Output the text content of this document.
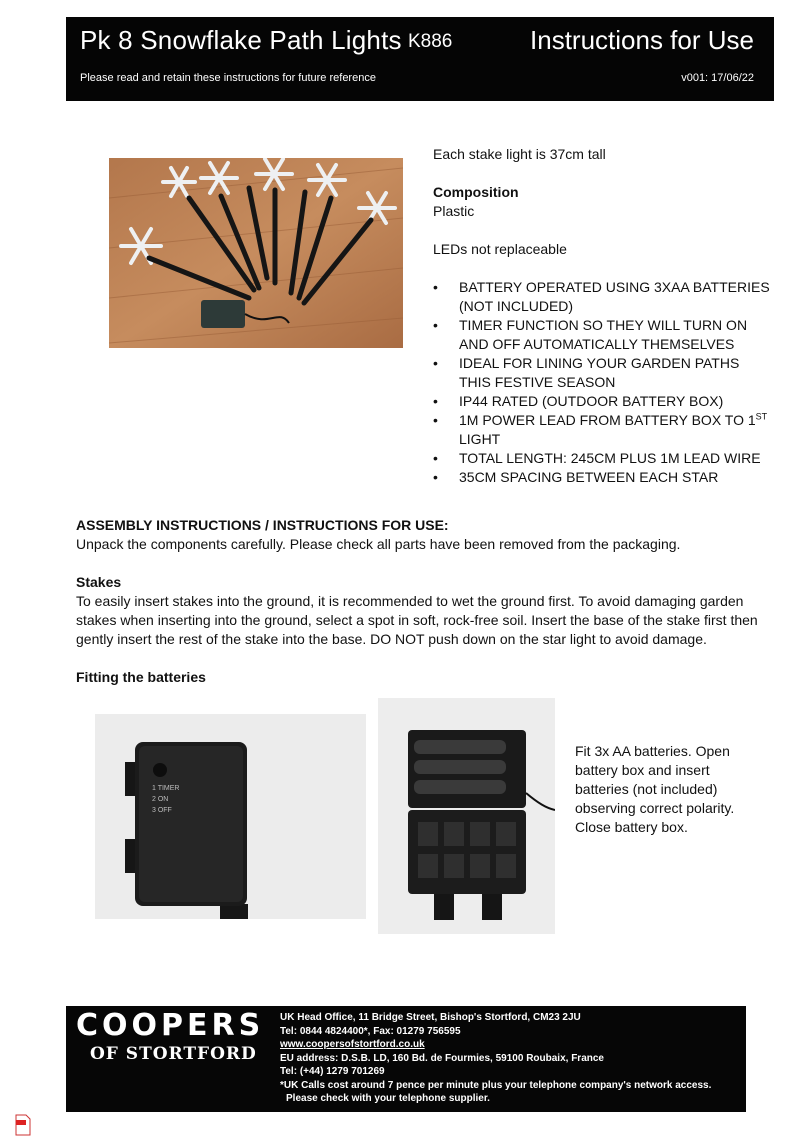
Pk 8 Snowflake Path Lights K886	Instructions for Use
Please read and retain these instructions for future reference	v001: 17/06/22

Each stake light is 37cm tall

Composition

Plastic

LEDs not replaceable

• BATTERY OPERATED USING 3XAA BATTERIES (NOT INCLUDED)
• TIMER FUNCTION SO THEY WILL TURN ON AND OFF AUTOMATICALLY THEMSELVES
• IDEAL FOR LINING YOUR GARDEN PATHS THIS FESTIVE SEASON
• IP44 RATED (OUTDOOR BATTERY BOX)
• 1M POWER LEAD FROM BATTERY BOX TO 1ST
LIGHT
• TOTAL LENGTH: 245CM PLUS 1M LEAD WIRE
• 35CM SPACING BETWEEN EACH STAR

ASSEMBLY INSTRUCTIONS / INSTRUCTIONS FOR USE:

Unpack the components carefully. Please check all parts have been removed from the packaging.

Stakes

To easily insert stakes into the ground, it is recommended to wet the ground first. To avoid damaging garden stakes when inserting into the ground, select a spot in soft, rock-free soil. Insert the base of the stake first then gently insert the rest of the stake into the base. DO NOT push down on the star light to avoid damage.

Fitting the batteries

1 TIMER
2 ON
3 OFF
Fit 3x AA batteries. Open battery box and insert batteries (not included) observing correct polarity. Close battery box.
COOPERS
OF STORTFORD
UK Head Office, 11 Bridge Street, Bishop's Stortford, CM23 2JU
Tel: 0844 4824400*, Fax: 01279 756595
www.coopersofstortford.co.uk
EU address: D.S.B. LD, 160 Bd. de Fourmies, 59100 Roubaix, France
Tel: (+44) 1279 701269
*UK Calls cost around 7 pence per minute plus your telephone company's network access.
Please check with your telephone supplier.
